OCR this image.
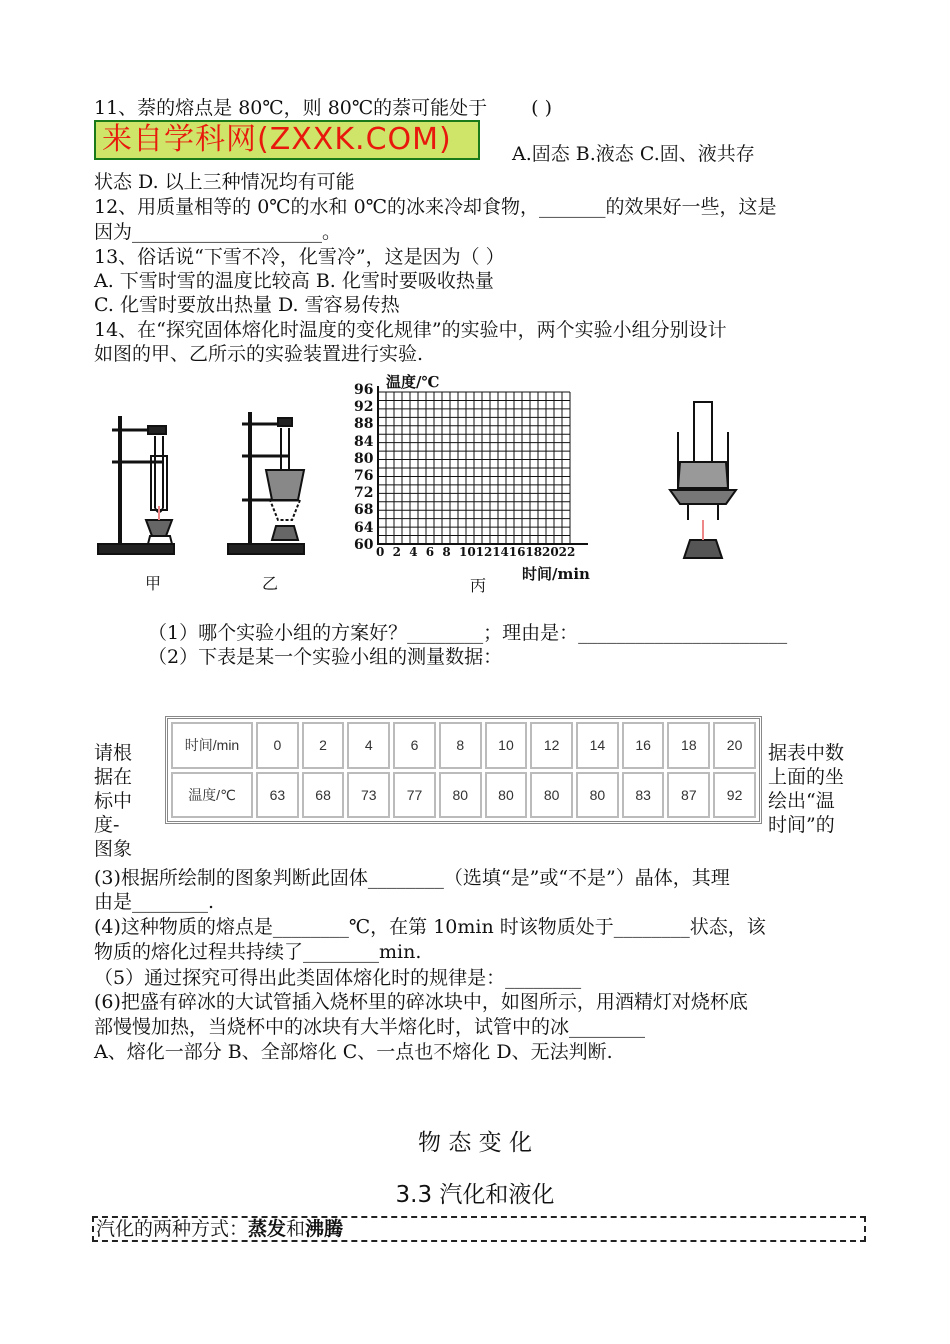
11、萘的熔点是 80℃，则 80℃的萘可能处于 ( )
来自学科网(ZXXK.COM)	A.固态 B.液态 C.固、液共存
状态 D. 以上三种情况均有可能
12、用质量相等的 0℃的水和 0℃的冰来冷却食物，_______的效果好一些，这是
因为____________________。
13、俗话说“下雪不冷，化雪冷”，这是因为（ ）
A. 下雪时雪的温度比较高 B. 化雪时要吸收热量
C. 化雪时要放出热量 D. 雪容易传热
14、在“探究固体熔化时温度的变化规律”的实验中，两个实验小组分别设计
如图的甲、乙所示的实验装置进行实验.
甲	乙	丙
温度/℃
时间/min
96
92
88
84
80
76
72
68
64
60 0 2 4 6 8 10 12 14 16 18 20 22
（1）哪个实验小组的方案好？________；理由是：______________________
（2）下表是某一个实验小组的测量数据：
请根
据在
标中
度-
图象
据表中数
上面的坐
绘出“温
时间”的
时间/min	0	2	4	6	8	10	12	14	16	18	20
温度/℃	63	68	73	77	80	80	80	80	83	87	92
(3)根据所绘制的图象判断此固体________（选填“是”或“不是”）晶体，其理
由是________.
(4)这种物质的熔点是________℃，在第 10min 时该物质处于________状态，该
物质的熔化过程共持续了________min.
（5）通过探究可得出此类固体熔化时的规律是：________
(6)把盛有碎冰的大试管插入烧杯里的碎冰块中，如图所示，用酒精灯对烧杯底
部慢慢加热，当烧杯中的冰块有大半熔化时，试管中的冰________
A、熔化一部分 B、全部熔化 C、一点也不熔化 D、无法判断.
物 态 变 化
3.3 汽化和液化
汽化的两种方式：蒸发和沸腾
